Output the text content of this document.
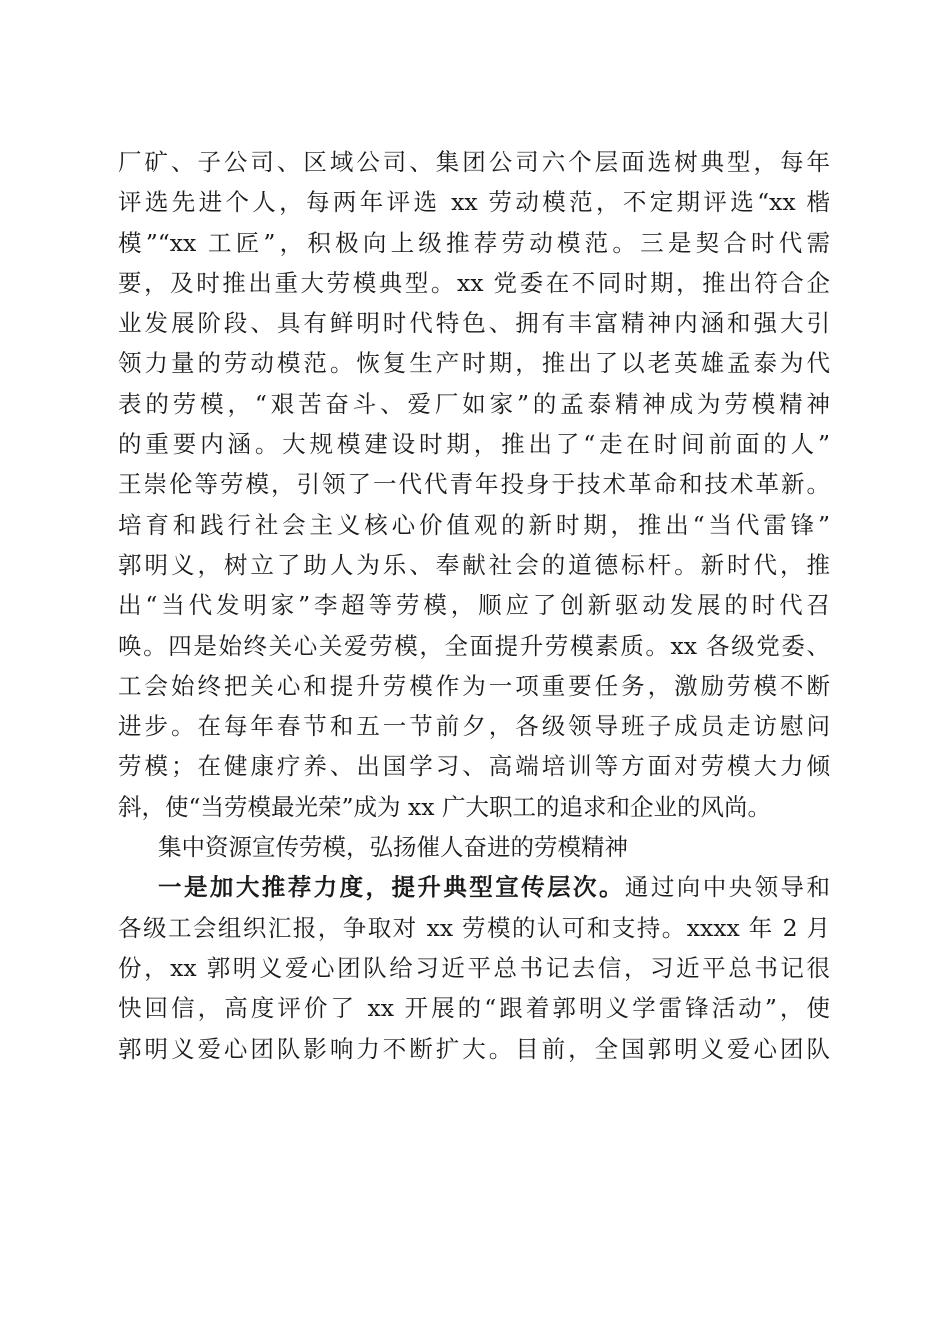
厂矿、子公司、区域公司、集团公司六个层面选树典型，每年
评选先进个人，每两年评选 xx 劳动模范，不定期评选“xx 楷
模”“xx 工匠”，积极向上级推荐劳动模范。三是契合时代需
要，及时推出重大劳模典型。xx 党委在不同时期，推出符合企
业发展阶段、具有鲜明时代特色、拥有丰富精神内涵和强大引
领力量的劳动模范。恢复生产时期，推出了以老英雄孟泰为代
表的劳模，“艰苦奋斗、爱厂如家”的孟泰精神成为劳模精神
的重要内涵。大规模建设时期，推出了“走在时间前面的人”
王崇伦等劳模，引领了一代代青年投身于技术革命和技术革新。
培育和践行社会主义核心价值观的新时期，推出“当代雷锋”
郭明义，树立了助人为乐、奉献社会的道德标杆。新时代，推
出“当代发明家”李超等劳模，顺应了创新驱动发展的时代召
唤。四是始终关心关爱劳模，全面提升劳模素质。xx 各级党委、
工会始终把关心和提升劳模作为一项重要任务，激励劳模不断
进步。在每年春节和五一节前夕，各级领导班子成员走访慰问
劳模；在健康疗养、出国学习、高端培训等方面对劳模大力倾
斜，使“当劳模最光荣”成为 xx 广大职工的追求和企业的风尚。
集中资源宣传劳模，弘扬催人奋进的劳模精神
一是加大推荐力度，提升典型宣传层次。通过向中央领导和
各级工会组织汇报，争取对 xx 劳模的认可和支持。xxxx 年 2 月
份，xx 郭明义爱心团队给习近平总书记去信，习近平总书记很
快回信，高度评价了 xx 开展的“跟着郭明义学雷锋活动”，使
郭明义爱心团队影响力不断扩大。目前，全国郭明义爱心团队
